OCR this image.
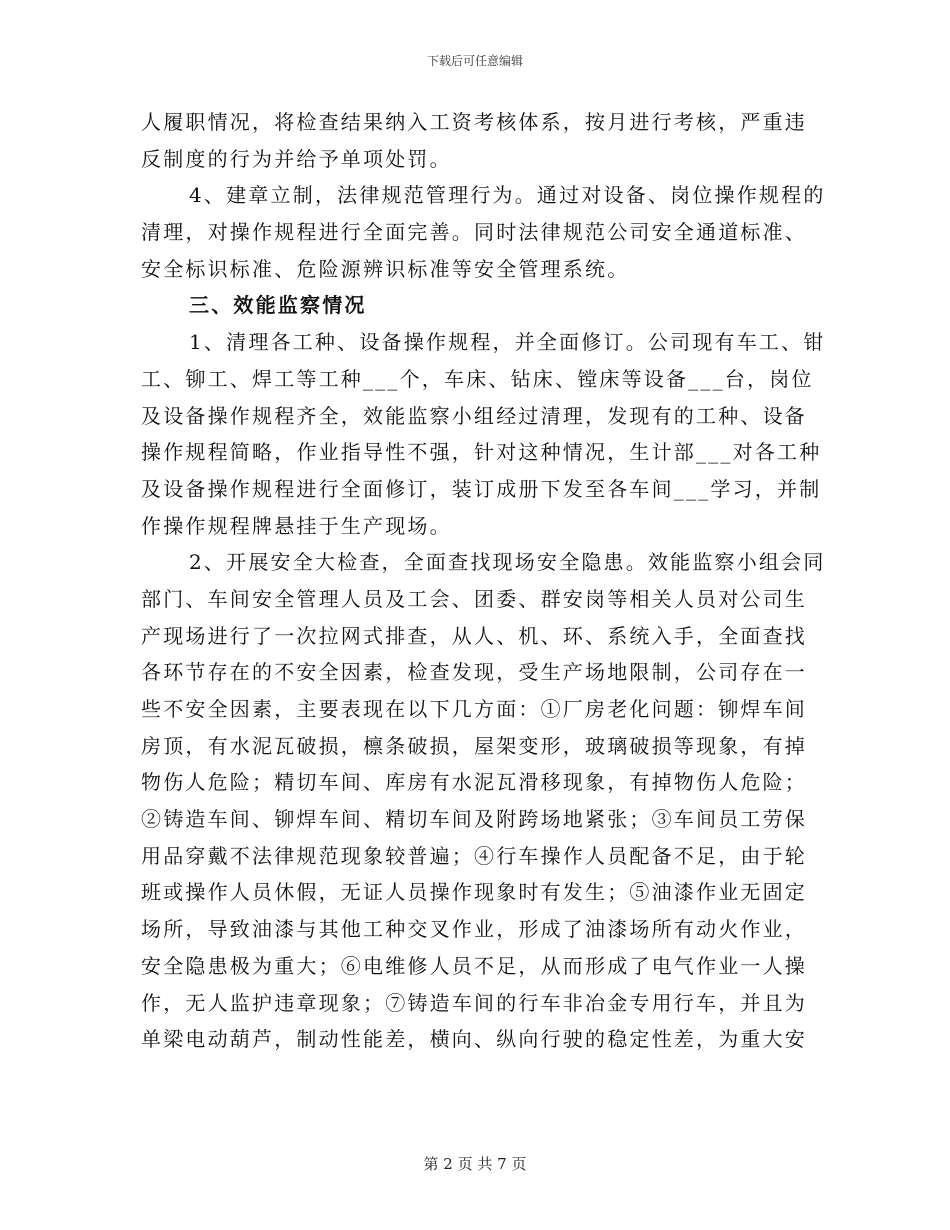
下载后可任意编辑
人履职情况，将检查结果纳入工资考核体系，按月进行考核，严重违
反制度的行为并给予单项处罚。
4、建章立制，法律规范管理行为。通过对设备、岗位操作规程的
清理，对操作规程进行全面完善。同时法律规范公司安全通道标准、
安全标识标准、危险源辨识标准等安全管理系统。
三、效能监察情况
1、清理各工种、设备操作规程，并全面修订。公司现有车工、钳
工、铆工、焊工等工种___个，车床、钻床、镗床等设备___台，岗位
及设备操作规程齐全，效能监察小组经过清理，发现有的工种、设备
操作规程简略，作业指导性不强，针对这种情况，生计部___对各工种
及设备操作规程进行全面修订，装订成册下发至各车间___学习，并制
作操作规程牌悬挂于生产现场。
2、开展安全大检查，全面查找现场安全隐患。效能监察小组会同
部门、车间安全管理人员及工会、团委、群安岗等相关人员对公司生
产现场进行了一次拉网式排查，从人、机、环、系统入手，全面查找
各环节存在的不安全因素，检查发现，受生产场地限制，公司存在一
些不安全因素，主要表现在以下几方面：①厂房老化问题：铆焊车间
房顶，有水泥瓦破损，檩条破损，屋架变形，玻璃破损等现象，有掉
物伤人危险；精切车间、库房有水泥瓦滑移现象，有掉物伤人危险；
②铸造车间、铆焊车间、精切车间及附跨场地紧张；③车间员工劳保
用品穿戴不法律规范现象较普遍；④行车操作人员配备不足，由于轮
班或操作人员休假，无证人员操作现象时有发生；⑤油漆作业无固定
场所，导致油漆与其他工种交叉作业，形成了油漆场所有动火作业，
安全隐患极为重大；⑥电维修人员不足，从而形成了电气作业一人操
作，无人监护违章现象；⑦铸造车间的行车非冶金专用行车，并且为
单梁电动葫芦，制动性能差，横向、纵向行驶的稳定性差，为重大安
第 2 页 共 7 页
